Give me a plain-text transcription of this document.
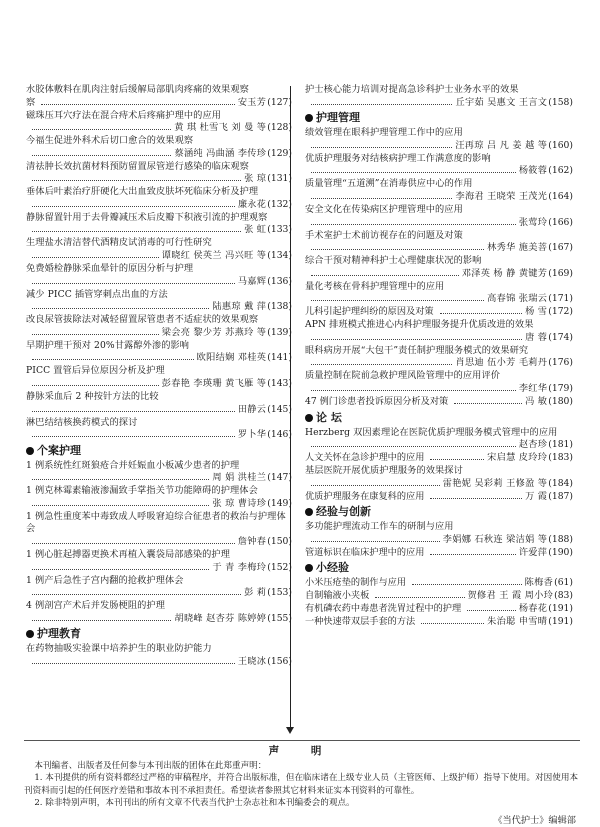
水胶体敷料在肌肉注射后缓解局部肌肉疼痛的效果观察
察	安玉芳 (127)
磁珠压耳穴疗法在混合痔术后疼痛护理中的应用
黄 琪 杜雪飞 刘 曼 等 (128)
今福生促进外科术后切口愈合的效果观察
蔡涵纯 冯曲涵 李传珍 (129)
清祛肿长效抗菌材料预防留置尿管逆行感染的临床观察
张 琼 (131)
垂体后叶素治疗肝硬化大出血致皮肤坏死临床分析及护理
廉永花 (132)
静脉留置针用于去骨瓣减压术后皮瓣下积液引流的护理观察
张 虹 (133)
生理盐水清洁替代酒精皮试消毒的可行性研究
谭晓红 侯英兰 冯兴旺 等 (134)
免费婚检静脉采血晕针的原因分析与护理
马嘉辉 (136)
减少 PICC 插管穿刺点出血的方法
陆惠琼 戴 萍 (138)
改良尿管拔除法对减轻留置尿管患者不适症状的效果观察
梁会亮 黎少芳 苏燕玲 等 (139)
早期护理干预对 20%甘露醇外渗的影响
欧阳结娴 邓桂英 (141)
PICC 置管后异位原因分析及护理
彭春艳 李瑛珊 黄飞雁 等 (143)
静脉采血后 2 种按针方法的比较
田静云 (145)
淋巴结结核换药模式的探讨
罗卜华 (146)
个案护理
1 例系统性红斑狼疮合并妊娠血小板减少患者的护理
周 娟 洪桂兰 (147)
1 例克林霉素输液渗漏致手掌指关节功能障碍的护理体会
张 琼 曹诗珍 (149)
1 例急性重度苯中毒致成人呼吸窘迫综合征患者的救治与护理体会
詹钟春 (150)
1 例心脏起搏器更换术再植入囊袋局部感染的护理
于 青 李梅玲 (152)
1 例产后急性子宫内翻的抢救护理体会
彭 莉 (153)
4 例剖宫产术后并发肠梗阻的护理
胡晓峰 赵杏芬 陈婷婷 (155)
护理教育
在药物抽吸实验课中培养护生的职业防护能力
王晓冰 (156)
护士核心能力培训对提高急诊科护士业务水平的效果
丘宇茹 吴惠文 王言文 (158)
护理管理
绩效管理在眼科护理管理工作中的应用
汪再琼 吕 凡 姜 越 等 (160)
优质护理服务对结核病护理工作满意度的影响
杨筱蓉 (162)
质量管理“五道溯”在消毒供应中心的作用
李海君 王晓荣 王茂光 (164)
安全文化在传染病区护理管理中的应用
张莺玲 (166)
手术室护士术前访视存在的问题及对策
林秀华 施美菩 (167)
综合干预对精神科护士心理健康状况的影响
邓泽英 杨 静 黄键芳 (169)
量化考核在骨科护理管理中的应用
高春锦 张瑞云 (171)
儿科引起护理纠纷的原因及对策	杨 雪 (172)
APN 排班模式推进心内科护理服务提升优质改进的效果
唐 蓉 (174)
眼科病房开展“大包干”责任制护理服务模式的效果研究
肖思迪 伍小芳 毛莉丹 (176)
质量控制在院前急救护理风险管理中的应用评价
李红华 (179)
47 例门诊患者投诉原因分析及对策	冯 敏 (180)
论 坛
Herzberg 双因素理论在医院优质护理服务模式管理中的应用
赵杏珍 (181)
人文关怀在急诊护理中的应用	宋启慧 皮玲玲 (183)
基层医院开展优质护理服务的效果探讨
雷艳妮 吴彩莉 王修盈 等 (184)
优质护理服务在康复科的应用	万 霞 (187)
经验与创新
多功能护理流动工作车的研制与应用
李娟娜 石秋连 梁洁娟 等 (188)
管道标识在临床护理中的应用	许爱萍 (190)
小经验
小米压疮垫的制作与应用	陈梅香 (61)
自制输液小夹板	贺修君 王 霞 周小玲 (83)
有机磷农药中毒患者洗胃过程中的护理	杨春花 (191)
一种快速带双层手套的方法	朱治聪 申雪晴 (191)
声 明

本刊编者、出版者及任何参与本刊出版的团体在此郑重声明：

1. 本刊提供的所有资料都经过严格的审稿程序，并符合出版标准，但在临床诸在上级专业人员（主管医师、上级护师）指导下使用。对因使用本刊资料而引起的任何医疗差错和事故本刊不承担责任。希望读者参照其它材料来证实本刊资料的可靠性。

2. 除非特别声明，本刊刊出的所有文章不代表当代护士杂志社和本刊编委会的观点。

《当代护士》编辑部
